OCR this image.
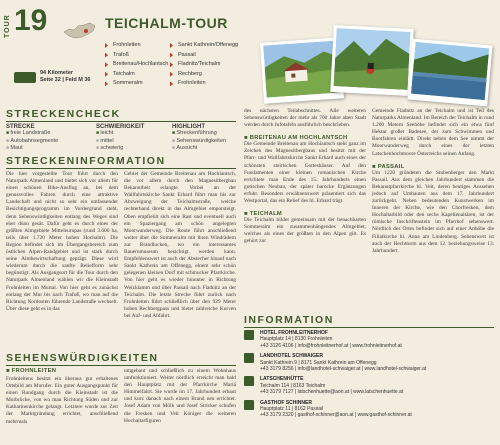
TOUR 19
94 Kilometer
Seite 32 | Feld M 36
TEICHALM-TOUR
Frohnleiten
Trafoß
Breitenau/Hochlantsch
Teichalm
Sommeralm
Sankt Kathrein/Offenegg
Passail
Fladnitz/Teichalm
Rechberg
Frohnleiten
STRECKENCHECK
STRECKE
■ freie Landstraße
■ Autobahnsegmente
■ Maut
SCHWIERIGKEIT
■ leicht
■ mittel
■ schwierig
HIGHLIGHT
■ Streckenführung
■ Sehenswürdigkeiten
■ Aussicht
STRECKENINFORMATION
Die hier vorgestellte Tour führt durch den Naturpark Almenland und bietet sich vor allem für einen schönen Bike-Ausflug an, bei dem genussvolles Fahren durch eine attraktive Landschaft und nicht so sehr ein umfassender Besichtigungsprogramm im Vordergrund steht, denn Sehenswürdigkeiten entlang des Weges sind eher dünn gesät. Dafür geht es durch eines der größten Almgebiete Mitteleuropas (rund 3.600 ha, teils über 1.720 Meter hohen Hochalm). Die Region befindet sich im Übergangsbereich zum östlichen Alpen-Randgebiet und ist stark durch seine Almbewirtschaftung geprägt. Diese wird wiederum durch die sanfte Reliefform sehr begünstigt. Als Ausgangsort für die Tour durch den Naturpark Almenland wählen wir die Kleinstadt Frohnleiten im Murtal. Von hier geht es zunächst entlang der Mur bis nach Trafoß, wo man auf die Richtung Nordosten führende Landstraße wechselt. Über diese geht es in das
Gebiet der Gemeinde Breitenau am Hochlantsch, die vor allem durch den Magnesitbergbau Bekanntheit erlangte. Vorbei an der Wallfahrtskirche Sankt Erhard führt man bis zur Abzweigung der Teichalmstraße, welche rechterhand direkt in das Almgebiet emporsteigt. Oben empfiehlt sich eine Rast und eventuell auch ein Spaziergang am schön angelegten Moorwanderweg. Die Route führt anschließend weiter über die Sommeralm mit ihren Windrädern zur Brandlucken, wo ein interessantes Bauernmuseum besichtigt werden kann. Empfehlenswert ist auch der Abstecher hinauf nach Sankt Kathrein am Offenegg, einem sehr schön gelegenen kleinen Dorf mit schmucker Pfarrkirche. Von hier geht es wieder hinunter in Richtung Weizklamm und über Passail nach Fladnitz an der Teichalm. Die letzte Strecke führt zurück nach Frohnleiten führt schließlich über den 929 Meter hohen Rechbergpass und bietet zahlreiche Kurven bei Auf- und Abfahrt.
des nächsten Teilabschnittes. Alle weiteren Sehenswürdigkeiten der mehr als 700 Jahre alten Stadt werden durch Infotafeln ausführlich beschrieben.
■ BREITENAU AM HOCHLANTSCH
Die Gemeinde Breitenau am Hochlantsch steht ganz im Zeichen des Magnesitbergbaus und besitzt mit der Pfarr- und Wallfahrtskirche Sankt Erhard auch eines der schönsten steirischen Gotteshäuser. Auf den Fundamenten einer kleinen romanischen Kirche errichtete man Ende des 15. Jahrhunderts einen gotischen Neubau, der später barocke Ergänzungen erfuhr. Besonders erwähnenswert präsentiert sich das Westportal, das ein Relief des hl. Erhard trägt.
■ TEICHALM
Die Teichalm bildet gemeinsam mit der benachbarten Sommeralm ein zusammenhängendes Almgebiet, welches als eines der größten in den Alpen gilt. Es gehört zur
Gemeinde Fladnitz an der Teichalm und ist Teil des Naturparks Almenland. Im Bereich der Teichalm in rund 1.200 Metern Seehöhe befindet sich ein etwa fünf Hektar großer Badesee, der zum Schwimmen und Bootfahren einlädt. Direkt neben dem See nimmt der Moorwanderweg durch eines der letzten Latschenhochmoore Österreichs seinen Anfang.
■ PASSAIL
Um 1220 gründeten die Stubenberger den Markt Passail. Aus dem gleichen Jahrhundert stammen die Bekanntpfarrkirche hl. Veit, deren heutiges Aussehen jedoch auf Umbauten aus dem 17. Jahrhundert zurückgeht. Neben bedeutenden Kunstwerken im Inneren der Kirche, wie den Chorfresken, dem Hochaltarbild oder den sechs Kapellenaltären, ist der römische Inschriftenstein im Pfarrhof sehenswert. Nördlich des Ortes befindet sich auf einer Anhöhe die Filialkirche hl. Anna am Lindenberg. Sehenswert ist auch der Hechtturm aus dem 12. beziehungsweise 13. Jahrhundert.
INFORMATION
HOTEL FROHNLEITNERHOF
Hauptplatz 14 | 8130 Frohnleiten
+43 3126 4106 | info@frohnleitnerhof.at | www.frohnleitnerhof.at
LANDHOTEL SCHWAIGER
Sankt Kathrein 9 | 8171 Sankt Kathrein am Offenegg
+43 3179 8256 | info@landhotel-schwaiger.at | www.landhotel-schwaiger.at
LATSCHENHÜTTE
Teichalm 114 | 8163 Teichalm
+43 3179 7127 | latschenhuette@aon.at | www.latschenhuette.at
GASTHOF SCHINNER
Hauptplatz 11 | 8162 Passail
+43 3179 2320 | gasthof-schinner@aon.at | www.gasthof-schinner.at
SEHENSWÜRDIGKEITEN
■ FROHNLEITEN
Frohnleitens besitzt ein überaus gut erhaltenes Ortsbild am Murufer. Ein guter Ausgangspunkt für einen Rundgang durch die Kleinstadt ist die Murbrücke, von wo man Richtung Süden und zur Katharinenkirche gelangt. Letztere wurde zur Zeit der Marktgründung errichtet, anschließend mehrmals
umgebaut und schließlich zu einem Wohnhaus umfunktioniert. Weiter nördlich erreicht man bald den Hauptplatz mit der Pfarrkirche Mariä Himmelfahrt. Sie wurde im 17. Jahrhundert erbaut und kurz danach nach einem Brand neu errichtet. Josef Adam von Mölk und Josef Stricker schufen die Fresken und Veit Königer die weiteren Hochaltarfiguren
